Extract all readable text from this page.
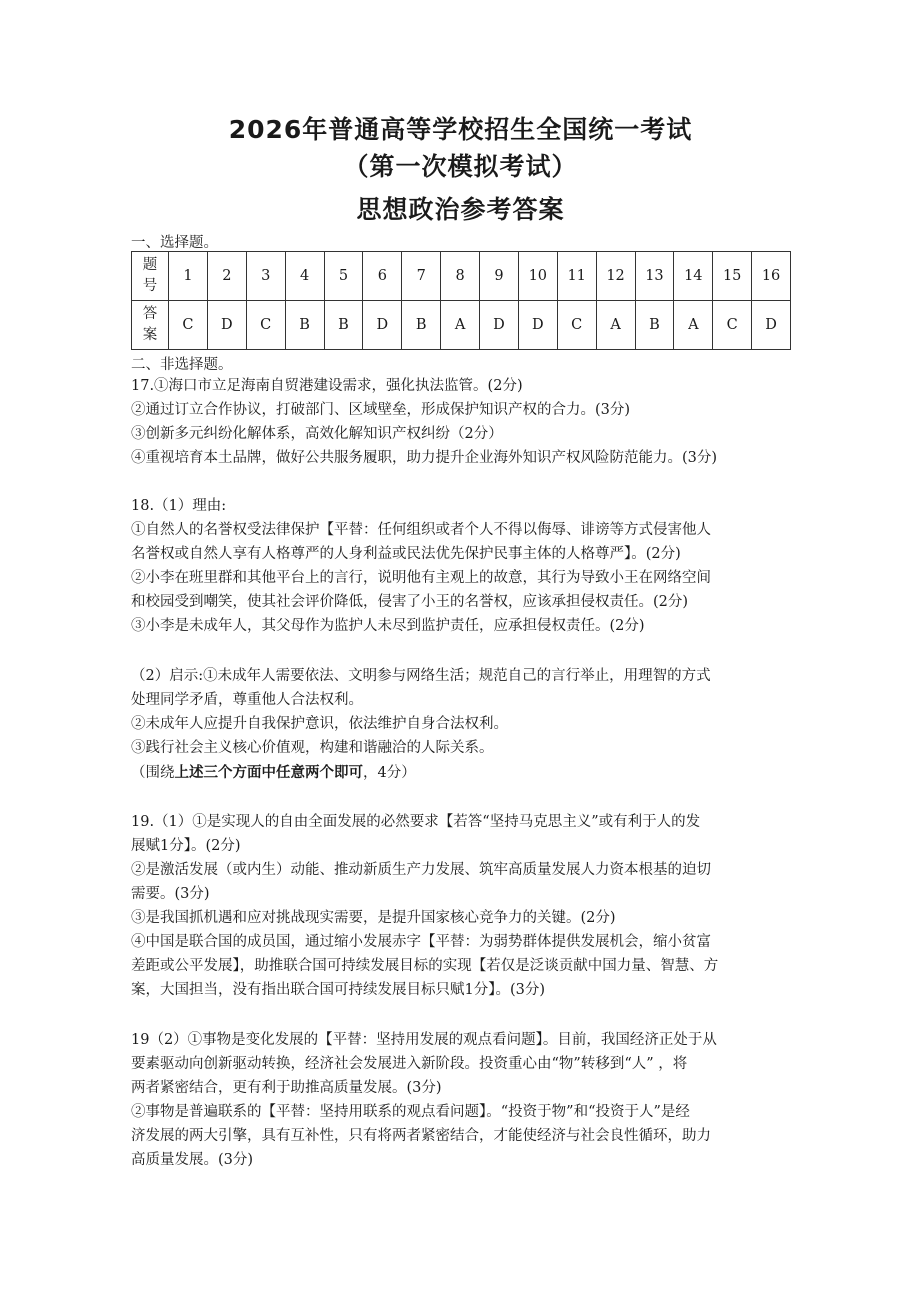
2026年普通高等学校招生全国统一考试
（第一次模拟考试）
思想政治参考答案
一、选择题。
题
号	1	2	3	4	5	6	7	8	9	10	11	12	13	14	15	16
答
案	C	D	C	B	B	D	B	A	D	D	C	A	B	A	C	D
二、非选择题。
17.①海口市立足海南自贸港建设需求，强化执法监管。(2分)
②通过订立合作协议，打破部门、区域壁垒，形成保护知识产权的合力。(3分)
③创新多元纠纷化解体系，高效化解知识产权纠纷（2分）
④重视培育本土品牌，做好公共服务履职，助力提升企业海外知识产权风险防范能力。(3分)
18.（1）理由:
①自然人的名誉权受法律保护【平替：任何组织或者个人不得以侮辱、诽谤等方式侵害他人
名誉权或自然人享有人格尊严的人身利益或民法优先保护民事主体的人格尊严】。(2分)
②小李在班里群和其他平台上的言行，说明他有主观上的故意，其行为导致小王在网络空间
和校园受到嘲笑，使其社会评价降低，侵害了小王的名誉权，应该承担侵权责任。(2分)
③小李是未成年人，其父母作为监护人未尽到监护责任，应承担侵权责任。(2分)
（2）启示:①未成年人需要依法、文明参与网络生活；规范自己的言行举止，用理智的方式
处理同学矛盾，尊重他人合法权利。
②未成年人应提升自我保护意识，依法维护自身合法权利。
③践行社会主义核心价值观，构建和谐融洽的人际关系。
（围绕上述三个方面中任意两个即可，4分）
19.（1）①是实现人的自由全面发展的必然要求【若答“坚持马克思主义”或有利于人的发
展赋1分】。(2分)
②是激活发展（或内生）动能、推动新质生产力发展、筑牢高质量发展人力资本根基的迫切
需要。(3分)
③是我国抓机遇和应对挑战现实需要，是提升国家核心竞争力的关键。(2分)
④中国是联合国的成员国，通过缩小发展赤字【平替：为弱势群体提供发展机会，缩小贫富
差距或公平发展】，助推联合国可持续发展目标的实现【若仅是泛谈贡献中国力量、智慧、方
案，大国担当，没有指出联合国可持续发展目标只赋1分】。(3分)
19（2）①事物是变化发展的【平替：坚持用发展的观点看问题】。目前，我国经济正处于从
要素驱动向创新驱动转换，经济社会发展进入新阶段。投资重心由“物”转移到“人” ，将
两者紧密结合，更有利于助推高质量发展。(3分)
②事物是普遍联系的【平替：坚持用联系的观点看问题】。“投资于物”和“投资于人”是经
济发展的两大引擎，具有互补性，只有将两者紧密结合，才能使经济与社会良性循环，助力
高质量发展。(3分)
